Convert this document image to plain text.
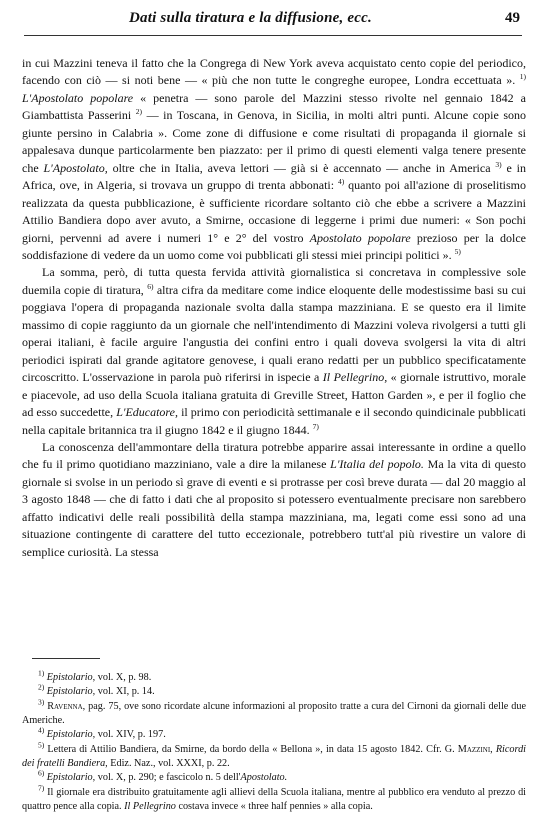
Dati sulla tiratura e la diffusione, ecc.	49

in cui Mazzini teneva il fatto che la Congrega di New York aveva acquistato cento copie del periodico, facendo con ciò — si noti bene — « più che non tutte le congreghe europee, Londra eccettuata ». $^{1)}$ L'Apostolato popolare « penetra — sono parole del Mazzini stesso rivolte nel gennaio 1842 a Giambattista Passerini $^{2)}$ — in Toscana, in Genova, in Sicilia, in molti altri punti. Alcune copie sono giunte persino in Calabria ». Come zone di diffusione e come risultati di propaganda il giornale si appalesava dunque particolarmente ben piazzato: per il primo di questi elementi valga tenere presente che L'Apostolato, oltre che in Italia, aveva lettori — già si è accennato — anche in America $^{3)}$ e in Africa, ove, in Algeria, si trovava un gruppo di trenta abbonati: $^{4)}$ quanto poi all'azione di proselitismo realizzata da questa pubblicazione, è sufficiente ricordare soltanto ciò che ebbe a scrivere a Mazzini Attilio Bandiera dopo aver avuto, a Smirne, occasione di leggerne i primi due numeri: « Son pochi giorni, pervenni ad avere i numeri 1° e 2° del vostro Apostolato popolare prezioso per la dolce soddisfazione di vedere da un uomo come voi pubblicati gli stessi miei principi politici ». $^{5)}$

La somma, però, di tutta questa fervida attività giornalistica si concretava in complessive sole duemila copie di tiratura, $^{6)}$ altra cifra da meditare come indice eloquente delle modestissime basi su cui poggiava l'opera di propaganda nazionale svolta dalla stampa mazziniana. E se questo era il limite massimo di copie raggiunto da un giornale che nell'intendimento di Mazzini voleva rivolgersi a tutti gli operai italiani, è facile arguire l'angustia dei confini entro i quali doveva svolgersi la vita di altri periodici ispirati dal grande agitatore genovese, i quali erano redatti per un pubblico specificatamente circoscritto. L'osservazione in parola può riferirsi in ispecie a Il Pellegrino, « giornale istruttivo, morale e piacevole, ad uso della Scuola italiana gratuita di Greville Street, Hatton Garden », e per il foglio che ad esso succedette, L'Educatore, il primo con periodicità settimanale e il secondo quindicinale pubblicati nella capitale britannica tra il giugno 1842 e il giugno 1844. $^{7)}$

La conoscenza dell'ammontare della tiratura potrebbe apparire assai interessante in ordine a quello che fu il primo quotidiano mazziniano, vale a dire la milanese L'Italia del popolo. Ma la vita di questo giornale si svolse in un periodo sì grave di eventi e si protrasse per così breve durata — dal 20 maggio al 3 agosto 1848 — che di fatto i dati che al proposito si potessero eventualmente precisare non sarebbero affatto indicativi delle reali possibilità della stampa mazziniana, ma, legati come essi sono ad una situazione contingente di carattere del tutto eccezionale, potrebbero tutt'al più rivestire un valore di semplice curiosità. La stessa

$^{1)}$ Epistolario, vol. X, p. 98.

$^{2)}$ Epistolario, vol. XI, p. 14.

$^{3)}$ Ravenna, pag. 75, ove sono ricordate alcune informazioni al proposito tratte a cura del Cirnoni da giornali delle due Americhe.

$^{4)}$ Epistolario, vol. XIV, p. 197.

$^{5)}$ Lettera di Attilio Bandiera, da Smirne, da bordo della « Bellona », in data 15 agosto 1842. Cfr. G. Mazzini, Ricordi dei fratelli Bandiera, Ediz. Naz., vol. XXXI, p. 22.

$^{6)}$ Epistolario, vol. X, p. 290; e fascicolo n. 5 dell'Apostolato.

$^{7)}$ Il giornale era distribuito gratuitamente agli allievi della Scuola italiana, mentre al pubblico era venduto al prezzo di quattro pence alla copia. Il Pellegrino costava invece « three half pennies » alla copia.
